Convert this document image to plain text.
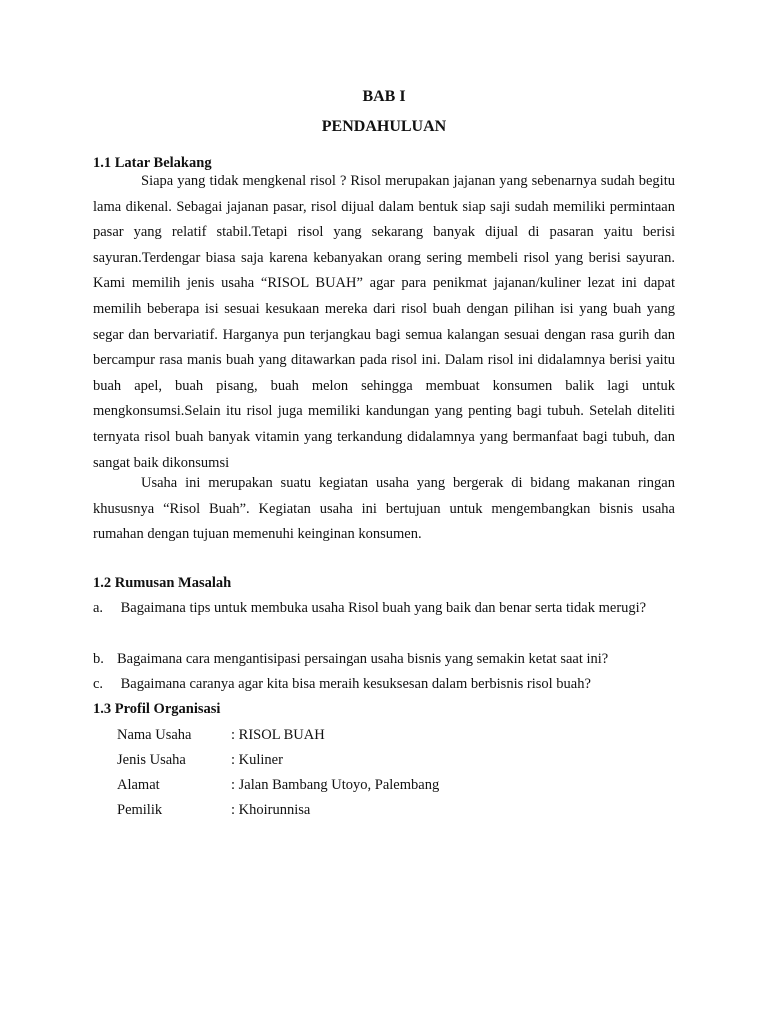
BAB I
PENDAHULUAN
1.1 Latar Belakang

Siapa yang tidak mengkenal risol ? Risol merupakan jajanan yang sebenarnya sudah begitu lama dikenal. Sebagai jajanan pasar, risol dijual dalam bentuk siap saji sudah memiliki permintaan pasar yang relatif stabil.Tetapi risol yang sekarang banyak dijual di pasaran yaitu berisi sayuran.Terdengar biasa saja karena kebanyakan orang sering membeli risol yang berisi sayuran. Kami memilih jenis usaha “RISOL BUAH” agar para penikmat jajanan/kuliner lezat ini dapat memilih beberapa isi sesuai kesukaan mereka dari risol buah dengan pilihan isi yang buah yang segar dan bervariatif. Harganya pun terjangkau bagi semua kalangan sesuai dengan rasa gurih dan bercampur rasa manis buah yang ditawarkan pada risol ini. Dalam risol ini didalamnya berisi yaitu buah apel, buah pisang, buah melon sehingga membuat konsumen balik lagi untuk mengkonsumsi.Selain itu risol juga memiliki kandungan yang penting bagi tubuh. Setelah diteliti ternyata risol buah banyak vitamin yang terkandung didalamnya yang bermanfaat bagi tubuh, dan sangat baik dikonsumsi

Usaha ini merupakan suatu kegiatan usaha yang bergerak di bidang makanan ringan khususnya “Risol Buah”. Kegiatan usaha ini bertujuan untuk mengembangkan bisnis usaha rumahan dengan tujuan memenuhi keinginan konsumen.

1.2 Rumusan Masalah

a. Bagaimana tips untuk membuka usaha Risol buah yang baik dan benar serta tidak merugi?

b. Bagaimana cara mengantisipasi persaingan usaha bisnis yang semakin ketat saat ini?

c. Bagaimana caranya agar kita bisa meraih kesuksesan dalam berbisnis risol buah?

1.3 Profil Organisasi
Nama Usaha	: RISOL BUAH
Jenis Usaha	: Kuliner
Alamat	: Jalan Bambang Utoyo, Palembang
Pemilik	: Khoirunnisa
